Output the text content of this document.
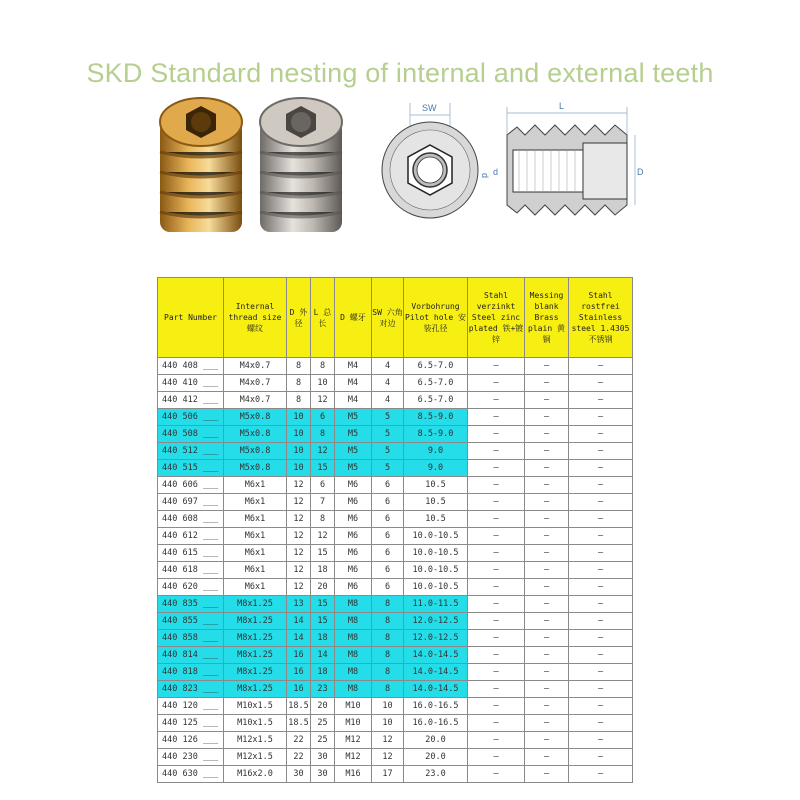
SKD Standard nesting of internal and external teeth
SW
d
L
d	D
Part Number	Internal thread size 螺纹	D 外径	L 总长	D 螺牙	SW 六角对边	Vorbohrung Pilot hole 安装孔径	Stahl verzinkt Steel zinc plated 铁+镀锌	Messing blank Brass plain 黄铜	Stahl rostfrei Stainless steel 1.4305 不锈钢
440 408 ___	M4x0.7	8	8	M4	4	6.5-7.0	–	–	–
440 410 ___	M4x0.7	8	10	M4	4	6.5-7.0	–	–	–
440 412 ___	M4x0.7	8	12	M4	4	6.5-7.0	–	–	–
440 506 ___	M5x0.8	10	6	M5	5	8.5-9.0	–	–	–
440 508 ___	M5x0.8	10	8	M5	5	8.5-9.0	–	–	–
440 512 ___	M5x0.8	10	12	M5	5	9.0	–	–	–
440 515 ___	M5x0.8	10	15	M5	5	9.0	–	–	–
440 606 ___	M6x1	12	6	M6	6	10.5	–	–	–
440 697 ___	M6x1	12	7	M6	6	10.5	–	–	–
440 608 ___	M6x1	12	8	M6	6	10.5	–	–	–
440 612 ___	M6x1	12	12	M6	6	10.0-10.5	–	–	–
440 615 ___	M6x1	12	15	M6	6	10.0-10.5	–	–	–
440 618 ___	M6x1	12	18	M6	6	10.0-10.5	–	–	–
440 620 ___	M6x1	12	20	M6	6	10.0-10.5	–	–	–
440 835 ___	M8x1.25	13	15	M8	8	11.0-11.5	–	–	–
440 855 ___	M8x1.25	14	15	M8	8	12.0-12.5	–	–	–
440 858 ___	M8x1.25	14	18	M8	8	12.0-12.5	–	–	–
440 814 ___	M8x1.25	16	14	M8	8	14.0-14.5	–	–	–
440 818 ___	M8x1.25	16	18	M8	8	14.0-14.5	–	–	–
440 823 ___	M8x1.25	16	23	M8	8	14.0-14.5	–	–	–
440 120 ___	M10x1.5	18.5	20	M10	10	16.0-16.5	–	–	–
440 125 ___	M10x1.5	18.5	25	M10	10	16.0-16.5	–	–	–
440 126 ___	M12x1.5	22	25	M12	12	20.0	–	–	–
440 230 ___	M12x1.5	22	30	M12	12	20.0	–	–	–
440 630 ___	M16x2.0	30	30	M16	17	23.0	–	–	–
